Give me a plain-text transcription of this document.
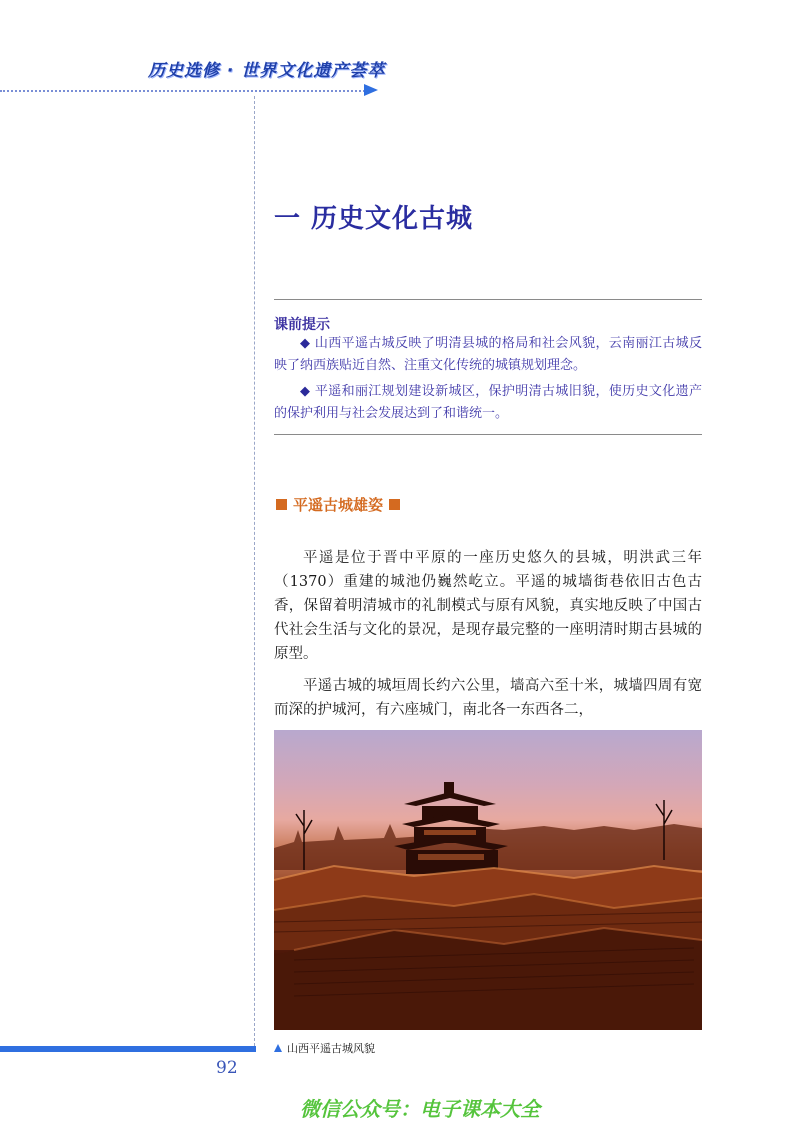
历史选修 · 世界文化遗产荟萃
一 历史文化古城
课前提示
◆ 山西平遥古城反映了明清县城的格局和社会风貌，云南丽江古城反映了纳西族贴近自然、注重文化传统的城镇规划理念。
◆ 平遥和丽江规划建设新城区，保护明清古城旧貌，使历史文化遗产的保护利用与社会发展达到了和谐统一。
平遥古城雄姿

平遥是位于晋中平原的一座历史悠久的县城，明洪武三年（1370）重建的城池仍巍然屹立。平遥的城墙街巷依旧古色古香，保留着明清城市的礼制模式与原有风貌，真实地反映了中国古代社会生活与文化的景况，是现存最完整的一座明清时期古县城的原型。

平遥古城的城垣周长约六公里，墙高六至十米，城墙四周有宽而深的护城河，有六座城门，南北各一东西各二，

山西平遥古城风貌
92
微信公众号：电子课本大全
